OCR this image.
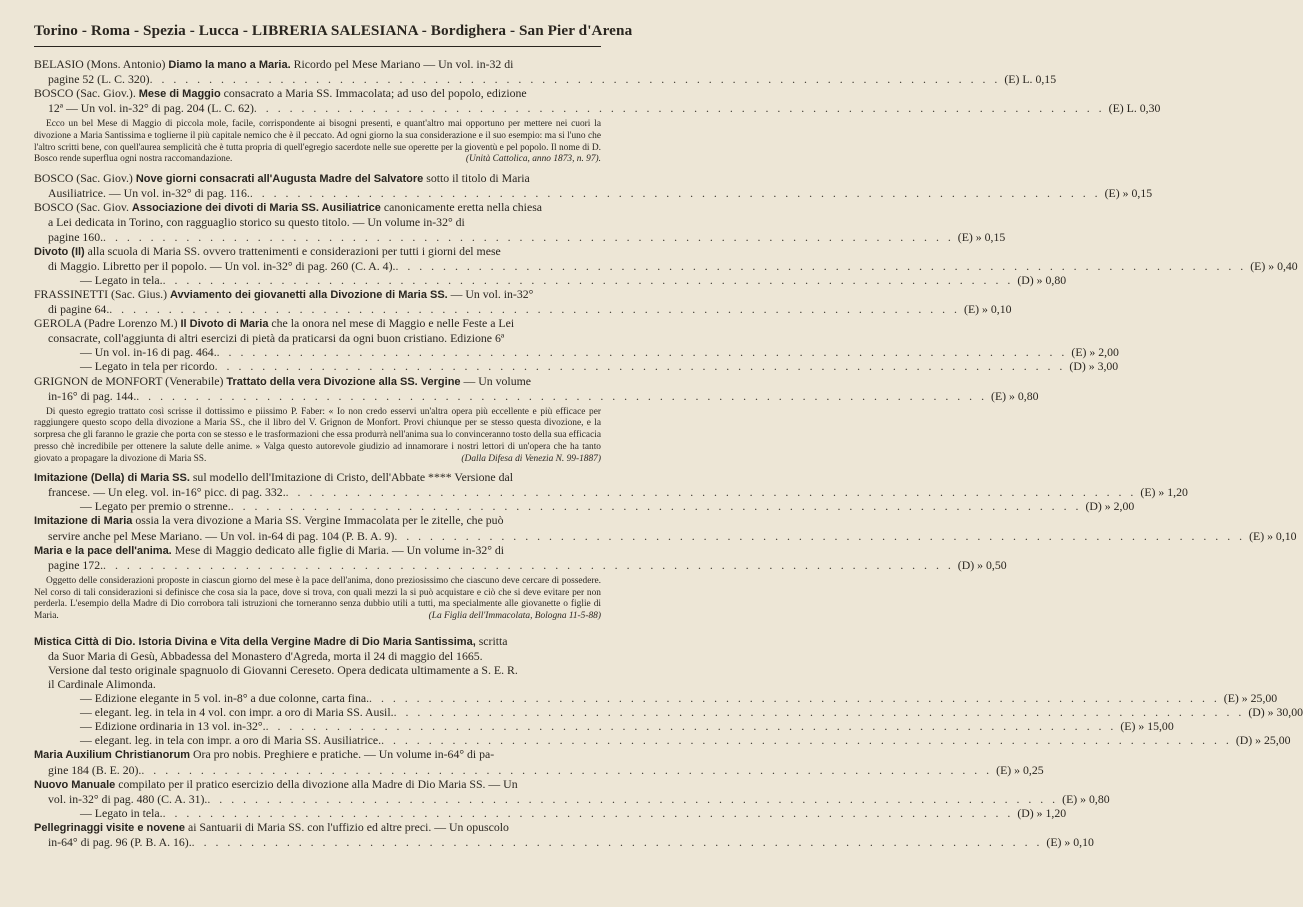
Torino - Roma - Spezia - Lucca - LIBRERIA SALESIANA - Bordighera - San Pier d'Arena

BELASIO (Mons. Antonio) Diamo la mano a Maria. Ricordo pel Mese Mariano — Un vol. in-32 di

pagine 52 (L. C. 320) . . .	(E) L. 0,15

BOSCO (Sac. Giov.). Mese di Maggio consacrato a Maria SS. Immacolata; ad uso del popolo, edizione

12ª — Un vol. in-32° di pag. 204 (L. C. 62) . . .	(E) L. 0,30

Ecco un bel Mese di Maggio di piccola mole, facile, corrispondente ai bisogni presenti, e quant'altro mai opportuno per mettere nei cuori la divozione a Maria Santissima e toglierne il più capitale nemico che è il peccato. Ad ogni giorno la sua considerazione e il suo esempio: ma si l'uno che l'altro scritti bene, con quell'aurea semplicità che è tutta propria di quell'egregio sacerdote nelle sue operette per la gioventù e pel popolo. Il nome di D. Bosco rende superflua ogni nostra raccomandazione.	(Unità Cattolica, anno 1873, n. 97).

BOSCO (Sac. Giov.) Nove giorni consacrati all'Augusta Madre del Salvatore sotto il titolo di Maria

Ausiliatrice. — Un vol. in-32° di pag. 116. . . .	(E) » 0,15

BOSCO (Sac. Giov. Associazione dei divoti di Maria SS. Ausiliatrice canonicamente eretta nella chiesa

a Lei dedicata in Torino, con ragguaglio storico su questo titolo. — Un volume in-32° di

pagine 160. . . .	(E) » 0,15

Divoto (Il) alla scuola di Maria SS. ovvero trattenimenti e considerazioni per tutti i giorni del mese

di Maggio. Libretto per il popolo. — Un vol. in-32° di pag. 260 (C. A. 4). . . .	(E) » 0,40
— Legato in tela. . . .	(D) » 0,80

FRASSINETTI (Sac. Gius.) Avviamento dei giovanetti alla Divozione di Maria SS. — Un vol. in-32°

di pagine 64. . . .	(E) » 0,10

GEROLA (Padre Lorenzo M.) Il Divoto di Maria che la onora nel mese di Maggio e nelle Feste a Lei

consacrate, coll'aggiunta di altri esercizi di pietà da praticarsi da ogni buon cristiano. Edizione 6ª

— Un vol. in-16 di pag. 464. . . .	(E) » 2,00
— Legato in tela per ricordo . . .	(D) » 3,00

GRIGNON de MONFORT (Venerabile) Trattato della vera Divozione alla SS. Vergine — Un volume

in-16° di pag. 144. . . .	(E) » 0,80

Di questo egregio trattato così scrisse il dottissimo e piissimo P. Faber: « Io non credo esservi un'altra opera più eccellente e più efficace per raggiungere questo scopo della divozione a Maria SS., che il libro del V. Grignon de Monfort. Provi chiunque per se stesso questa divozione, e la sorpresa che gli faranno le grazie che porta con se stesso e le trasformazioni che essa produrrà nell'anima sua lo convinceranno tosto della sua efficacia presso chè incredibile per ottenere la salute delle anime. » Valga questo autorevole giudizio ad innamorare i nostri lettori di un'opera che ha tanto giovato a propagare la divozione di Maria SS.	(Dalla Difesa di Venezia N. 99-1887)

Imitazione (Della) di Maria SS. sul modello dell'Imitazione di Cristo, dell'Abbate **** Versione dal

francese. — Un eleg. vol. in-16° picc. di pag. 332. . . .	(E) » 1,20
— Legato per premio o strenne. . . .	(D) » 2,00

Imitazione di Maria ossia la vera divozione a Maria SS. Vergine Immacolata per le zitelle, che può

servire anche pel Mese Mariano. — Un vol. in-64 di pag. 104 (P. B. A. 9) . . .	(E) » 0,10

Maria e la pace dell'anima. Mese di Maggio dedicato alle figlie di Maria. — Un volume in-32° di

pagine 172. . . .	(D) » 0,50

Oggetto delle considerazioni proposte in ciascun giorno del mese è la pace dell'anima, dono preziosissimo che ciascuno deve cercare di possedere. Nel corso di tali considerazioni si definisce che cosa sia la pace, dove si trova, con quali mezzi la si può acquistare e ciò che si deve evitare per non perderla. L'esempio della Madre di Dio corrobora tali istruzioni che torneranno senza dubbio utili a tutti, ma specialmente alle giovanette o figlie di Maria.	(La Figlia dell'Immacolata, Bologna 11-5-88)

Mistica Città di Dio. Istoria Divina e Vita della Vergine Madre di Dio Maria Santissima, scritta

da Suor Maria di Gesù, Abbadessa del Monastero d'Agreda, morta il 24 di maggio del 1665.

Versione dal testo originale spagnuolo di Giovanni Cereseto. Opera dedicata ultimamente a S. E. R.

il Cardinale Alimonda.

— Edizione elegante in 5 vol. in-8° a due colonne, carta fina. . . .	(E) » 25,00
— elegant. leg. in tela in 4 vol. con impr. a oro di Maria SS. Ausil. . . .	(D) » 30,00
— Edizione ordinaria in 13 vol. in-32°. . . .	(E) » 15,00
— elegant. leg. in tela con impr. a oro di Maria SS. Ausiliatrice. . . .	(D) » 25,00

Maria Auxilium Christianorum Ora pro nobis. Preghiere e pratiche. — Un volume in-64° di pa-

gine 184 (B. E. 20). . . .	(E) » 0,25

Nuovo Manuale compilato per il pratico esercizio della divozione alla Madre di Dio Maria SS. — Un

vol. in-32° di pag. 480 (C. A. 31). . . .	(E) » 0,80
— Legato in tela. . . .	(D) » 1,20

Pellegrinaggi visite e novene ai Santuarii di Maria SS. con l'uffizio ed altre preci. — Un opuscolo

in-64° di pag. 96 (P. B. A. 16). . . .	(E) » 0,10
